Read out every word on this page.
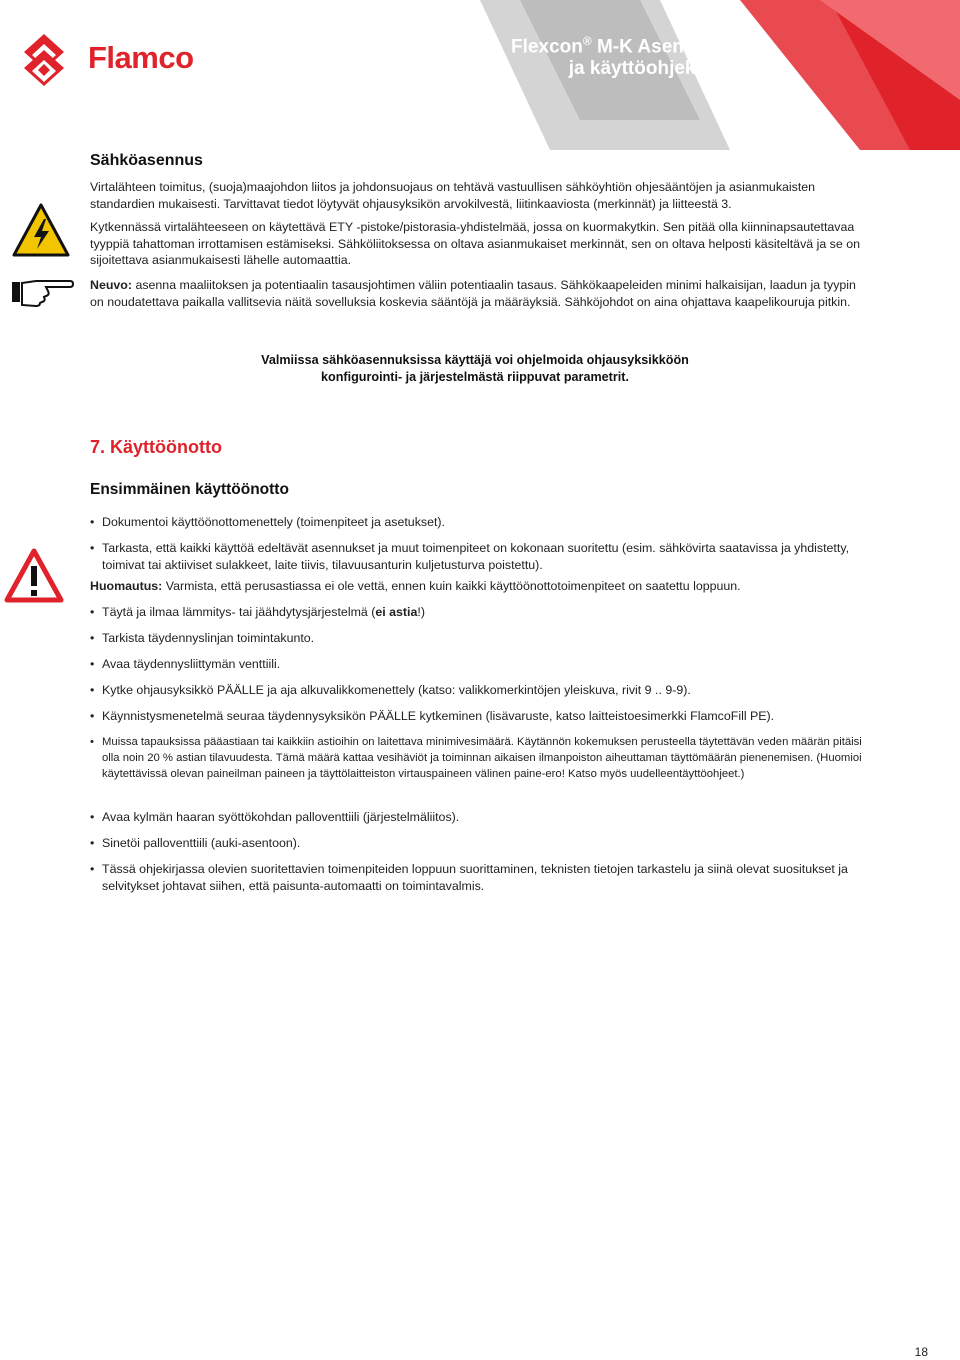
Flamco	Flexcon® M-K Asennus-
ja käyttöohjekirja
Sähköasennus
Virtalähteen toimitus, (suoja)maajohdon liitos ja johdonsuojaus on tehtävä vastuullisen sähköyhtiön ohjesääntöjen ja asianmukaisten standardien mukaisesti. Tarvittavat tiedot löytyvät ohjausyksikön arvokilvestä, liitinkaaviosta (merkinnät) ja liitteestä 3.
Kytkennässä virtalähteeseen on käytettävä ETY -pistoke/pistorasia-yhdistelmää, jossa on kuormakytkin. Sen pitää olla kiinninapsautettavaa tyyppiä tahattoman irrottamisen estämiseksi. Sähköliitoksessa on oltava asianmukaiset merkinnät, sen on oltava helposti käsiteltävä ja se on sijoitettava asianmukaisesti lähelle automaattia.
Neuvo: asenna maaliitoksen ja potentiaalin tasausjohtimen väliin potentiaalin tasaus. Sähkökaapeleiden minimi halkaisijan, laadun ja tyypin on noudatettava paikalla vallitsevia näitä sovelluksia koskevia sääntöjä ja määräyksiä. Sähköjohdot on aina ohjattava kaapelikouruja pitkin.
Valmiissa sähköasennuksissa käyttäjä voi ohjelmoida ohjausyksikköön
konfigurointi- ja järjestelmästä riippuvat parametrit.
7. Käyttöönotto
Ensimmäinen käyttöönotto
• Dokumentoi käyttöönottomenettely (toimenpiteet ja asetukset).
• Tarkasta, että kaikki käyttöä edeltävät asennukset ja muut toimenpiteet on kokonaan suoritettu (esim. sähkövirta saatavissa ja yhdistetty, toimivat tai aktiiviset sulakkeet, laite tiivis, tilavuusanturin kuljetusturva poistettu).
• Täytä ja ilmaa lämmitys- tai jäähdytysjärjestelmä (ei astia!)
• Tarkista täydennyslinjan toimintakunto.
• Avaa täydennysliittymän venttiili.
• Kytke ohjausyksikkö PÄÄLLE ja aja alkuvalikkomenettely (katso: valikkomerkintöjen yleiskuva, rivit 9 .. 9-9).
• Käynnistysmenetelmä seuraa täydennysyksikön PÄÄLLE kytkeminen (lisävaruste, katso laitteistoesimerkki FlamcoFill PE).
• Muissa tapauksissa pääastiaan tai kaikkiin astioihin on laitettava minimivesimäärä. Käytännön kokemuksen perusteella täytettävän veden määrän pitäisi olla noin 20 % astian tilavuudesta. Tämä määrä kattaa vesihäviöt ja toiminnan aikaisen ilmanpoiston aiheuttaman täyttömäärän pienenemisen. (Huomioi käytettävissä olevan paineilman paineen ja täyttölaitteiston virtauspaineen välinen paine-ero! Katso myös uudelleentäyttöohjeet.)
• Avaa kylmän haaran syöttökohdan palloventtiili (järjestelmäliitos).
• Sinetöi palloventtiili (auki-asentoon).
• Tässä ohjekirjassa olevien suoritettavien toimenpiteiden loppuun suorittaminen, teknisten tietojen tarkastelu ja siinä olevat suositukset ja selvitykset johtavat siihen, että paisunta-automaatti on toimintavalmis.
Huomautus: Varmista, että perusastiassa ei ole vettä, ennen kuin kaikki käyttöönottotoimenpiteet on saatettu loppuun.
18
